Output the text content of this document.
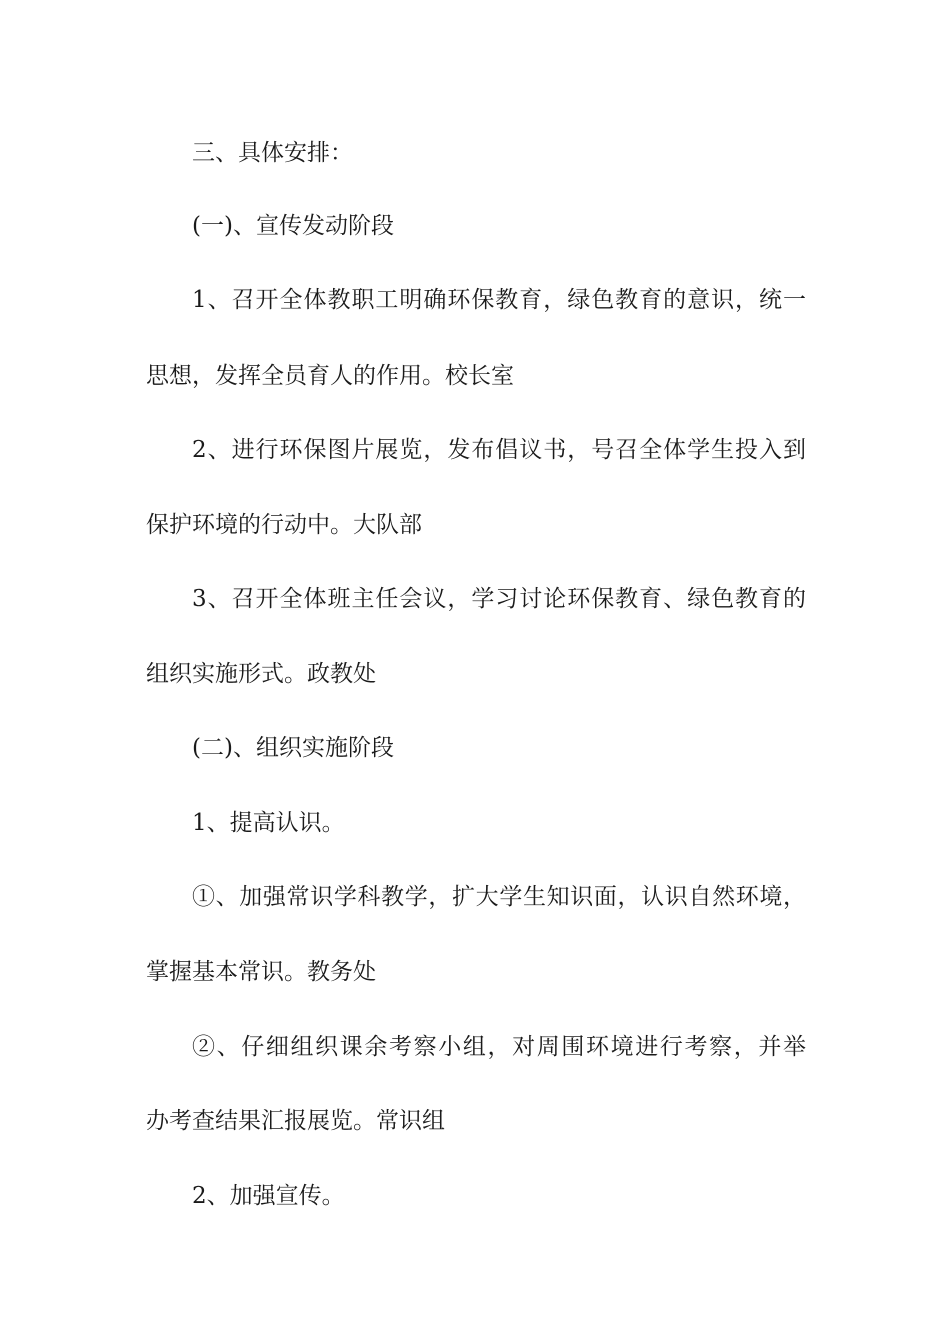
三、具体安排：
(一)、宣传发动阶段
1、召开全体教职工明确环保教育，绿色教育的意识，统一
思想，发挥全员育人的作用。校长室
2、进行环保图片展览，发布倡议书，号召全体学生投入到
保护环境的行动中。大队部
3、召开全体班主任会议，学习讨论环保教育、绿色教育的
组织实施形式。政教处
(二)、组织实施阶段
1、提高认识。
①、加强常识学科教学，扩大学生知识面，认识自然环境，
掌握基本常识。教务处
②、仔细组织课余考察小组，对周围环境进行考察，并举
办考查结果汇报展览。常识组
2、加强宣传。
